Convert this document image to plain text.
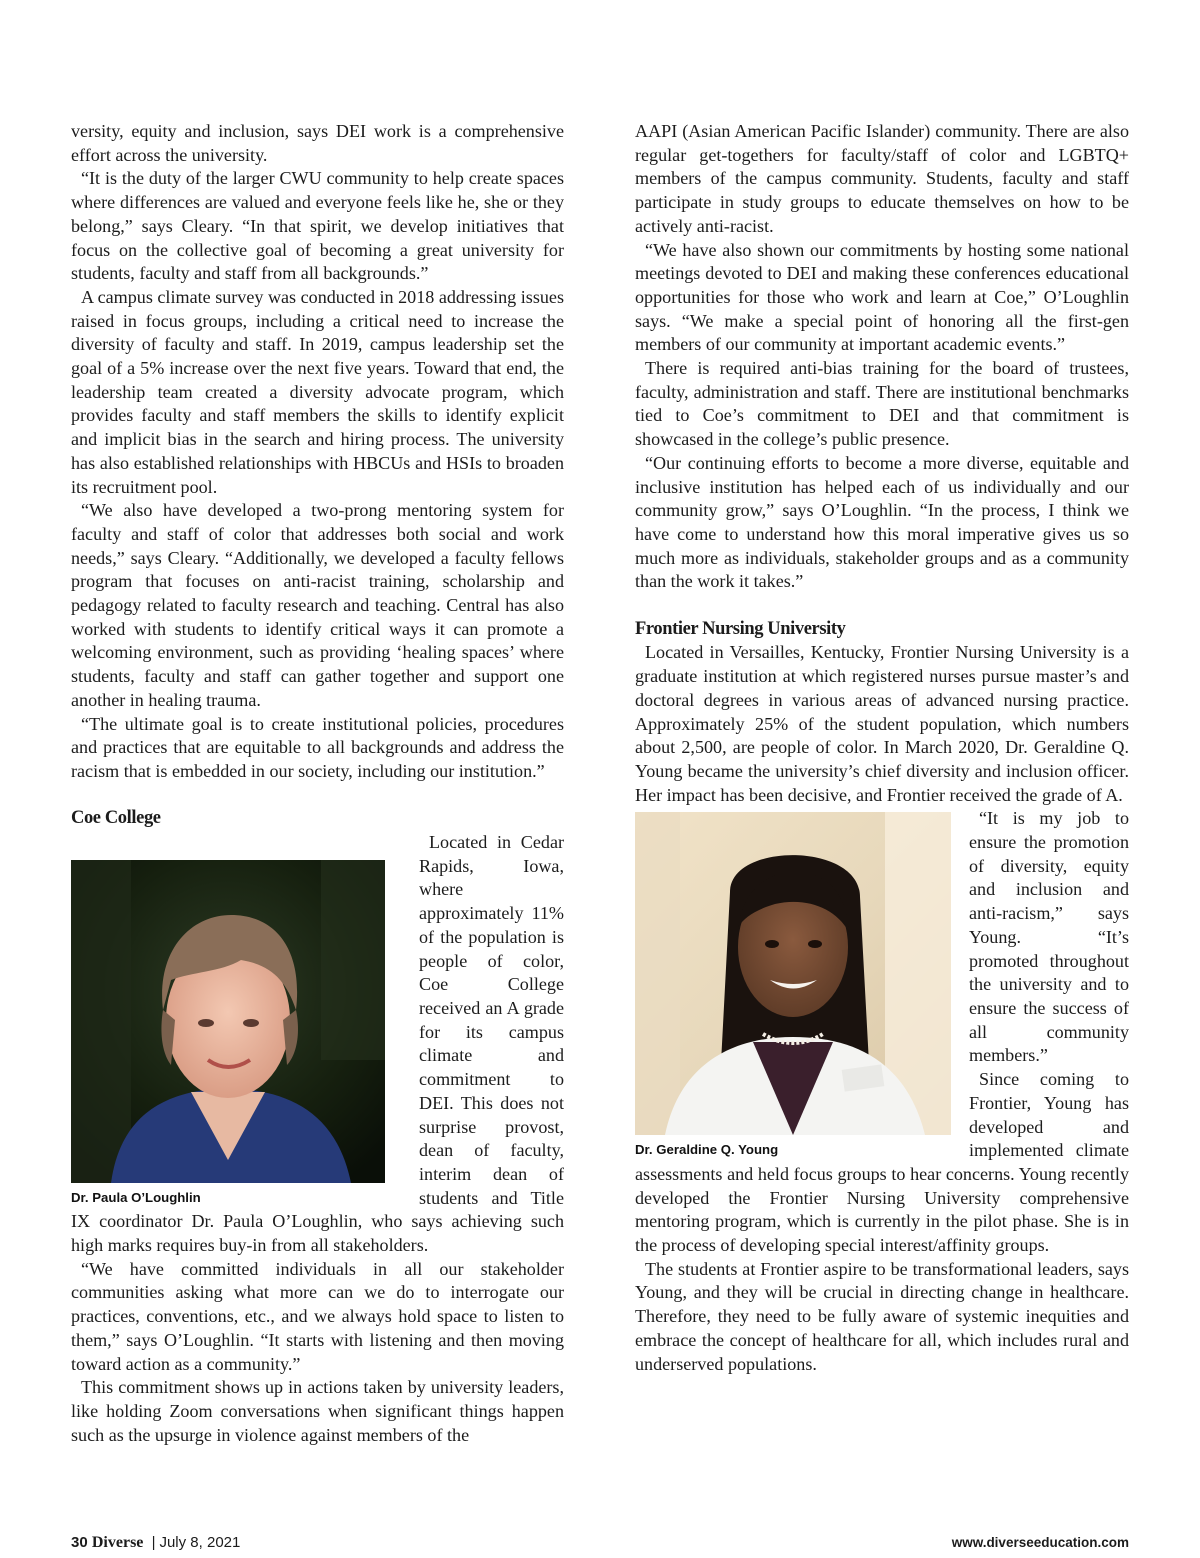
versity, equity and inclusion, says DEI work is a comprehensive effort across the university.

“It is the duty of the larger CWU community to help create spaces where differences are valued and everyone feels like he, she or they belong,” says Cleary. “In that spirit, we develop initiatives that focus on the collective goal of becoming a great university for students, faculty and staff from all backgrounds.”

A campus climate survey was conducted in 2018 addressing issues raised in focus groups, including a critical need to increase the diversity of faculty and staff. In 2019, campus leadership set the goal of a 5% increase over the next five years. Toward that end, the leadership team created a diversity advocate program, which provides faculty and staff members the skills to identify explicit and implicit bias in the search and hiring process. The university has also established relationships with HBCUs and HSIs to broaden its recruitment pool.

“We also have developed a two-prong mentoring system for faculty and staff of color that addresses both social and work needs,” says Cleary. “Additionally, we developed a faculty fellows program that focuses on anti-racist training, scholarship and pedagogy related to faculty research and teaching. Central has also worked with students to identify critical ways it can promote a welcoming environment, such as providing ‘healing spaces’ where students, faculty and staff can gather together and support one another in healing trauma.

“The ultimate goal is to create institutional policies, procedures and practices that are equitable to all backgrounds and address the racism that is embedded in our society, including our institution.”

Coe College
Dr. Paula O’Loughlin

Located in Cedar Rapids, Iowa, where approximately 11% of the population is people of color, Coe College received an A grade for its campus climate and commitment to DEI. This does not surprise provost, dean of faculty, interim dean of students and Title IX coordinator Dr. Paula O’Loughlin, who says achieving such high marks requires buy-in from all stakeholders.

“We have committed individuals in all our stakeholder communities asking what more can we do to interrogate our practices, conventions, etc., and we always hold space to listen to them,” says O’Loughlin. “It starts with listening and then moving toward action as a community.”

This commitment shows up in actions taken by university leaders, like holding Zoom conversations when significant things happen such as the upsurge in violence against members of the

AAPI (Asian American Pacific Islander) community. There are also regular get-togethers for faculty/staff of color and LGBTQ+ members of the campus community. Students, faculty and staff participate in study groups to educate themselves on how to be actively anti-racist.

“We have also shown our commitments by hosting some national meetings devoted to DEI and making these conferences educational opportunities for those who work and learn at Coe,” O’Loughlin says. “We make a special point of honoring all the first-gen members of our community at important academic events.”

There is required anti-bias training for the board of trustees, faculty, administration and staff. There are institutional benchmarks tied to Coe’s commitment to DEI and that commitment is showcased in the college’s public presence.

“Our continuing efforts to become a more diverse, equitable and inclusive institution has helped each of us individually and our community grow,” says O’Loughlin. “In the process, I think we have come to understand how this moral imperative gives us so much more as individuals, stakeholder groups and as a community than the work it takes.”

Frontier Nursing University

Located in Versailles, Kentucky, Frontier Nursing University is a graduate institution at which registered nurses pursue master’s and doctoral degrees in various areas of advanced nursing practice. Approximately 25% of the student population, which numbers about 2,500, are people of color. In March 2020, Dr. Geraldine Q. Young became the university’s chief diversity and inclusion officer. Her impact has been decisive, and Frontier received the grade of A.

Dr. Geraldine Q. Young

“It is my job to ensure the promotion of diversity, equity and inclusion and anti-racism,” says Young. “It’s promoted throughout the university and to ensure the success of all community members.”

Since coming to Frontier, Young has developed and implemented climate assessments and held focus groups to hear concerns. Young recently developed the Frontier Nursing University comprehensive mentoring program, which is currently in the pilot phase. She is in the process of developing special interest/affinity groups.

The students at Frontier aspire to be transformational leaders, says Young, and they will be crucial in directing change in healthcare. Therefore, they need to be fully aware of systemic inequities and embrace the concept of healthcare for all, which includes rural and underserved populations.

30 Diverse | July 8, 2021	www.diverseeducation.com
